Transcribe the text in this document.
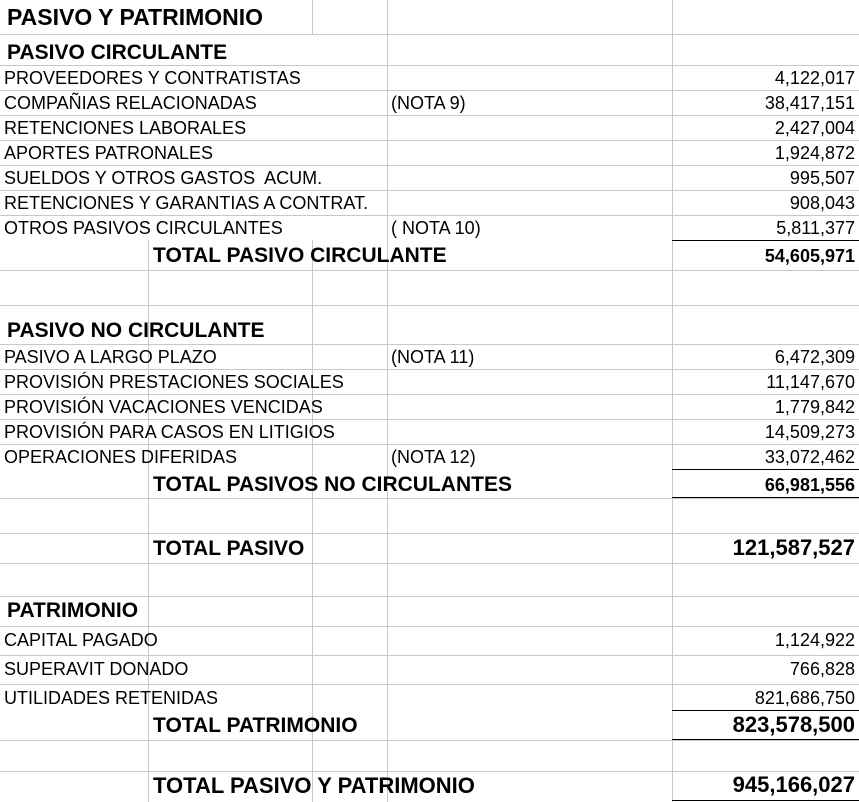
PASIVO Y PATRIMONIO
PASIVO CIRCULANTE
PROVEEDORES Y CONTRATISTAS	4,122,017
COMPAÑIAS RELACIONADAS	(NOTA 9)	38,417,151
RETENCIONES LABORALES	2,427,004
APORTES PATRONALES	1,924,872
SUELDOS Y OTROS GASTOS  ACUM.	995,507
RETENCIONES Y GARANTIAS A CONTRAT.	908,043
OTROS PASIVOS CIRCULANTES	( NOTA 10)	5,811,377
TOTAL PASIVO CIRCULANTE	54,605,971
PASIVO NO CIRCULANTE
PASIVO A LARGO PLAZO	(NOTA 11)	6,472,309
PROVISIÓN PRESTACIONES SOCIALES	11,147,670
PROVISIÓN VACACIONES VENCIDAS	1,779,842
PROVISIÓN PARA CASOS EN LITIGIOS	14,509,273
OPERACIONES DIFERIDAS	(NOTA 12)	33,072,462
TOTAL PASIVOS NO CIRCULANTES	66,981,556
TOTAL PASIVO	121,587,527
PATRIMONIO
CAPITAL PAGADO	1,124,922
SUPERAVIT DONADO	766,828
UTILIDADES RETENIDAS	821,686,750
TOTAL PATRIMONIO	823,578,500
TOTAL PASIVO Y PATRIMONIO	945,166,027
